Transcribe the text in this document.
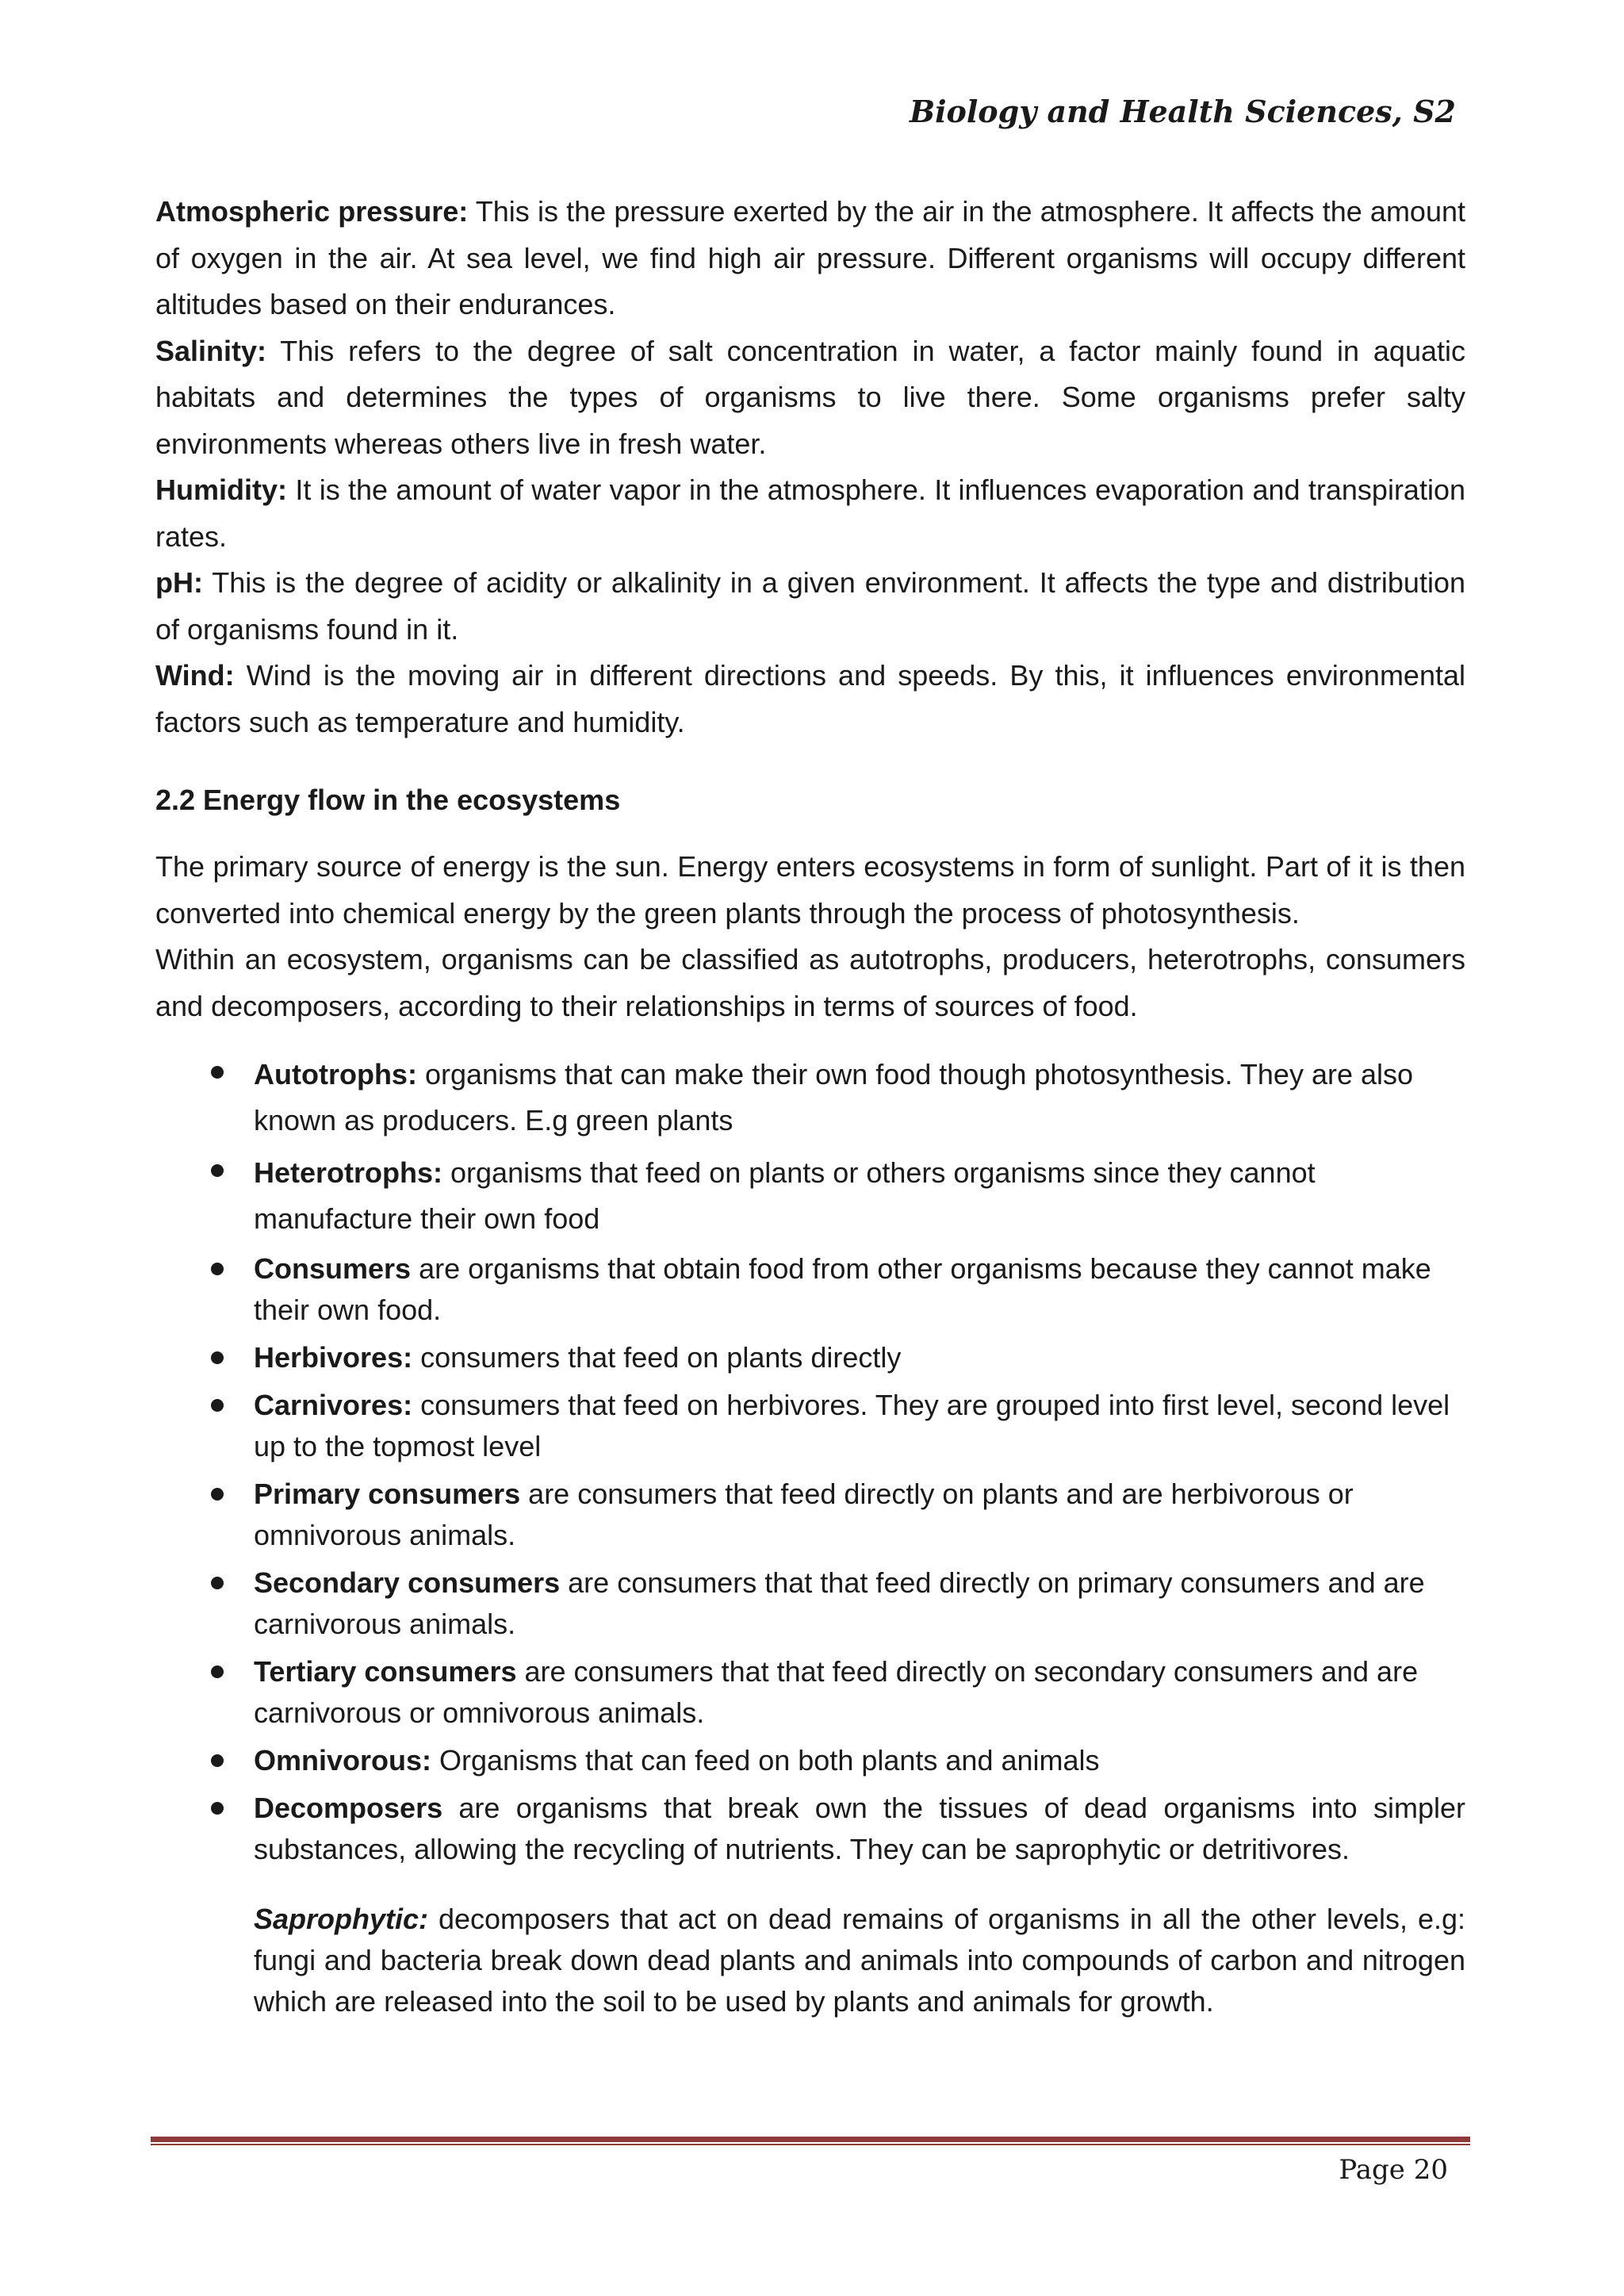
Biology and Health Sciences, S2

Atmospheric pressure: This is the pressure exerted by the air in the atmosphere. It affects the amount of oxygen in the air. At sea level, we find high air pressure. Different organisms will occupy different altitudes based on their endurances.

Salinity: This refers to the degree of salt concentration in water, a factor mainly found in aquatic habitats and determines the types of organisms to live there. Some organisms prefer salty environments whereas others live in fresh water.

Humidity: It is the amount of water vapor in the atmosphere. It influences evaporation and transpiration rates.

pH: This is the degree of acidity or alkalinity in a given environment. It affects the type and distribution of organisms found in it.

Wind: Wind is the moving air in different directions and speeds. By this, it influences environmental factors such as temperature and humidity.

2.2 Energy flow in the ecosystems

The primary source of energy is the sun. Energy enters ecosystems in form of sunlight. Part of it is then converted into chemical energy by the green plants through the process of photosynthesis.

Within an ecosystem, organisms can be classified as autotrophs, producers, heterotrophs, consumers and decomposers, according to their relationships in terms of sources of food.

Autotrophs: organisms that can make their own food though photosynthesis. They are also known as producers. E.g green plants
Heterotrophs: organisms that feed on plants or others organisms since they cannot manufacture their own food
Consumers are organisms that obtain food from other organisms because they cannot make their own food.
Herbivores: consumers that feed on plants directly
Carnivores: consumers that feed on herbivores. They are grouped into first level, second level up to the topmost level
Primary consumers are consumers that feed directly on plants and are herbivorous or omnivorous animals.
Secondary consumers are consumers that that feed directly on primary consumers and are carnivorous animals.
Tertiary consumers are consumers that that feed directly on secondary consumers and are carnivorous or omnivorous animals.
Omnivorous: Organisms that can feed on both plants and animals
Decomposers are organisms that break own the tissues of dead organisms into simpler substances, allowing the recycling of nutrients. They can be saprophytic or detritivores.

Saprophytic: decomposers that act on dead remains of organisms in all the other levels, e.g: fungi and bacteria break down dead plants and animals into compounds of carbon and nitrogen which are released into the soil to be used by plants and animals for growth.

Page 20
